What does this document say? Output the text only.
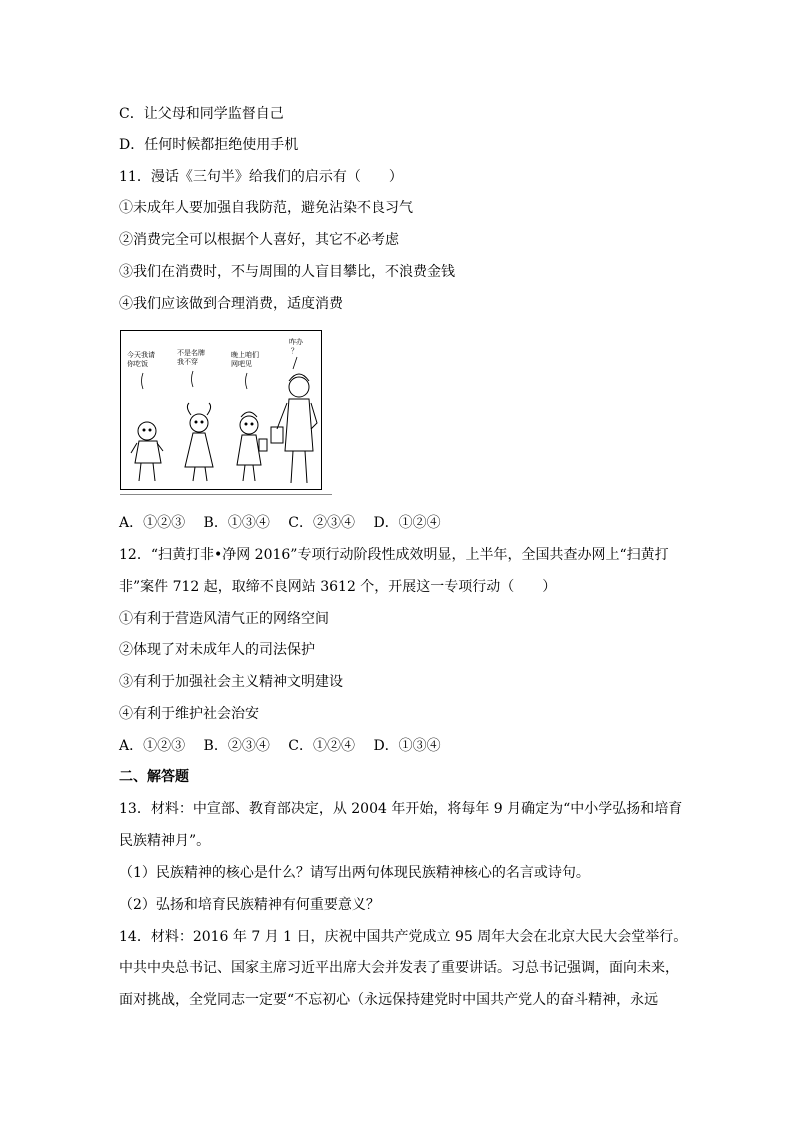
C．让父母和同学监督自己
D．任何时候都拒绝使用手机
11．漫话《三句半》给我们的启示有（　　）
①未成年人要加强自我防范，避免沾染不良习气
②消费完全可以根据个人喜好，其它不必考虑
③我们在消费时，不与周围的人盲目攀比，不浪费金钱
④我们应该做到合理消费，适度消费
今天我请
你吃饭
不是名牌
我不穿
晚上咱们
网吧见
咋办
？
A．①②③　 B．①③④　 C．②③④　 D．①②④
12．“扫黄打非•净网 2016”专项行动阶段性成效明显，上半年，全国共查办网上“扫黄打
非”案件 712 起，取缔不良网站 3612 个，开展这一专项行动（　　）
①有利于营造风清气正的网络空间
②体现了对未成年人的司法保护
③有利于加强社会主义精神文明建设
④有利于维护社会治安
A．①②③　 B．②③④　 C．①②④　 D．①③④
二、解答题
13．材料：中宣部、教育部决定，从 2004 年开始，将每年 9 月确定为“中小学弘扬和培育
民族精神月”。
（1）民族精神的核心是什么？请写出两句体现民族精神核心的名言或诗句。
（2）弘扬和培育民族精神有何重要意义？
14．材料：2016 年 7 月 1 日，庆祝中国共产党成立 95 周年大会在北京大民大会堂举行。
中共中央总书记、国家主席习近平出席大会并发表了重要讲话。习总书记强调，面向未来，
面对挑战，全党同志一定要“不忘初心（永远保持建党时中国共产党人的奋斗精神，永远
